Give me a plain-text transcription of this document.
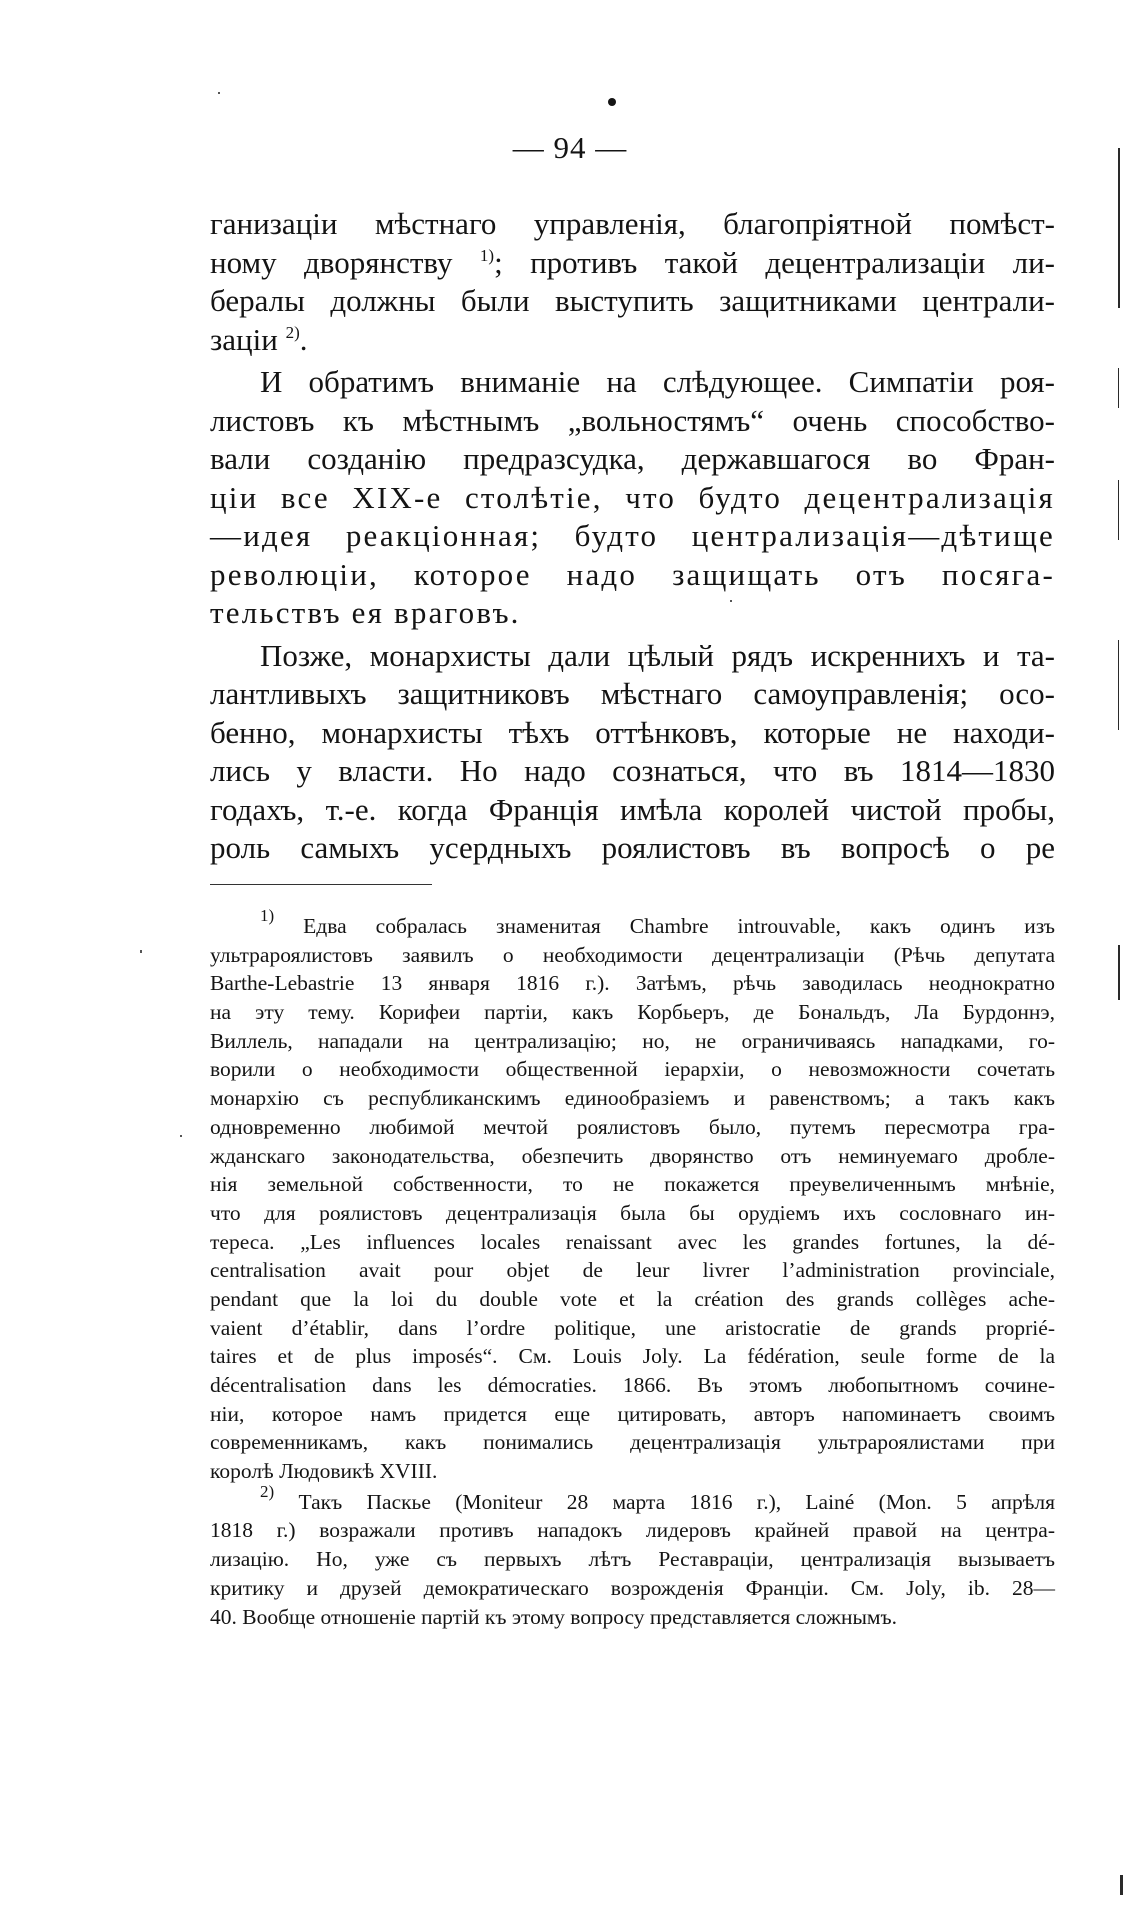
— 94 —
ганизаціи мѣстнаго управленія, благопріятной помѣст-
ному дворянству $^{1)}$; противъ такой децентрализаціи ли-
бералы должны были выступить защитниками централи-
заціи $^{2)}$.
И обратимъ вниманіе на слѣдующее. Симпатіи роя-
листовъ къ мѣстнымъ „вольностямъ“ очень способство-
вали созданію предразсудка, державшагося во Фран-
ціи все XIX-е столѣтіе, что будто децентрализація
—идея реакціонная; будто централизація—дѣтище
революціи, которое надо защищать отъ посяга-
тельствъ ея враговъ.
Позже, монархисты дали цѣлый рядъ искреннихъ и та-
лантливыхъ защитниковъ мѣстнаго самоуправленія; осо-
бенно, монархисты тѣхъ оттѣнковъ, которые не находи-
лись у власти. Но надо сознаться, что въ 1814—1830
годахъ, т.-е. когда Франція имѣла королей чистой пробы,
роль самыхъ усердныхъ роялистовъ въ вопросѣ о ре
$^{1)}$ Едва собралась знаменитая Chambre introuvable, какъ одинъ изъ
ультрароялистовъ заявилъ о необходимости децентрализаціи (Рѣчь депутата
Barthe-Lebastrie 13 января 1816 г.). Затѣмъ, рѣчь заводилась неоднократно
на эту тему. Корифеи партіи, какъ Корбьеръ, де Бональдъ, Ла Бурдоннэ,
Виллель, нападали на централизацію; но, не ограничиваясь нападками, го-
ворили о необходимости общественной іерархіи, о невозможности сочетать
монархію съ республиканскимъ единообразіемъ и равенствомъ; а такъ какъ
одновременно любимой мечтой роялистовъ было, путемъ пересмотра гра-
жданскаго законодательства, обезпечить дворянство отъ неминуемаго дробле-
нія земельной собственности, то не покажется преувеличеннымъ мнѣніе,
что для роялистовъ децентрализація была бы орудіемъ ихъ сословнаго ин-
тереса. „Les influences locales renaissant avec les grandes fortunes, la dé-
centralisation avait pour objet de leur livrer l’administration provinciale,
pendant que la loi du double vote et la création des grands collèges ache-
vaient d’établir, dans l’ordre politique, une aristocratie de grands proprié-
taires et de plus imposés“. См. Louis Joly. La fédération, seule forme de la
décentralisation dans les démocraties. 1866. Въ этомъ любопытномъ сочине-
ніи, которое намъ придется еще цитировать, авторъ напоминаетъ своимъ
современникамъ, какъ понимались децентрализація ультрароялистами при
королѣ Людовикѣ XVIII.
$^{2)}$ Такъ Паскье (Moniteur 28 марта 1816 г.), Lainé (Mon. 5 апрѣля
1818 г.) возражали противъ нападокъ лидеровъ крайней правой на центра-
лизацію. Но, уже съ первыхъ лѣтъ Реставраціи, централизація вызываетъ
критику и друзей демократическаго возрожденія Франціи. См. Joly, ib. 28—
40. Вообще отношеніе партій къ этому вопросу представляется сложнымъ.
